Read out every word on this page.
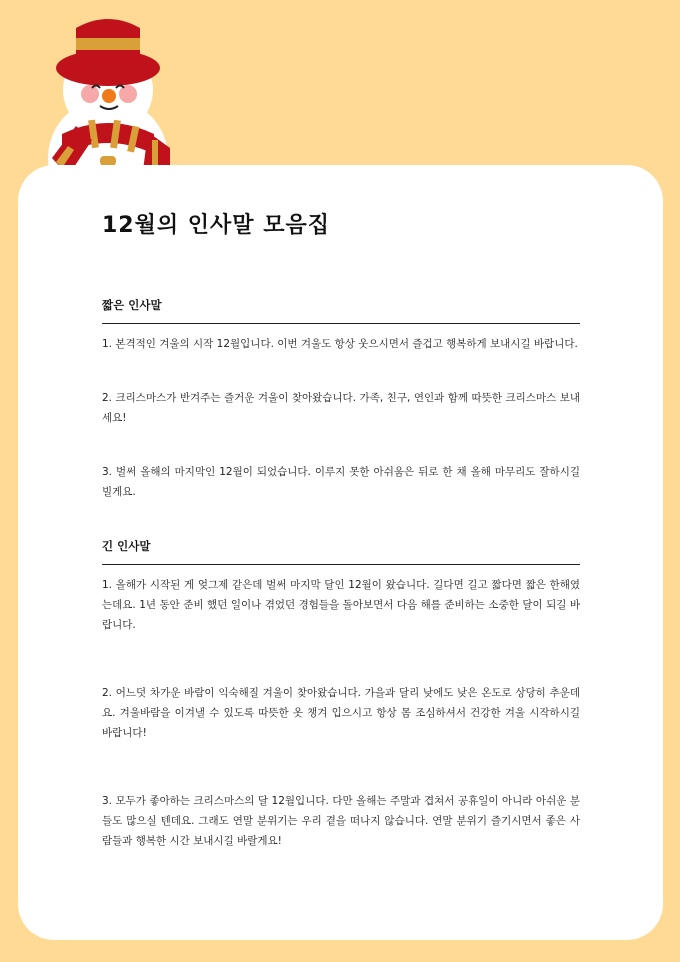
12월의 인사말 모음집
짧은 인사말

1. 본격적인 겨울의 시작 12월입니다. 이번 겨울도 항상 웃으시면서 즐겁고 행복하게 보내시길 바랍니다.

2. 크리스마스가 반겨주는 즐거운 겨울이 찾아왔습니다. 가족, 친구, 연인과 함께 따뜻한 크리스마스 보내세요!

3. 벌써 올해의 마지막인 12월이 되었습니다. 이루지 못한 아쉬움은 뒤로 한 채 올해 마무리도 잘하시길 빌게요.

긴 인사말

1. 올해가 시작된 게 엊그제 같은데 벌써 마지막 달인 12월이 왔습니다. 길다면 길고 짧다면 짧은 한해였는데요. 1년 동안 준비 했던 일이나 겪었던 경험들을 돌아보면서 다음 해를 준비하는 소중한 달이 되길 바랍니다.

2. 어느덧 차가운 바람이 익숙해질 겨울이 찾아왔습니다. 가을과 달리 낮에도 낮은 온도로 상당히 추운데요. 겨울바람을 이겨낼 수 있도록 따뜻한 옷 챙겨 입으시고 항상 몸 조심하셔서 건강한 겨울 시작하시길 바랍니다!

3. 모두가 좋아하는 크리스마스의 달 12월입니다. 다만 올해는 주말과 겹쳐서 공휴일이 아니라 아쉬운 분들도 많으실 텐데요. 그래도 연말 분위기는 우리 곁을 떠나지 않습니다. 연말 분위기 즐기시면서 좋은 사람들과 행복한 시간 보내시길 바랄게요!
